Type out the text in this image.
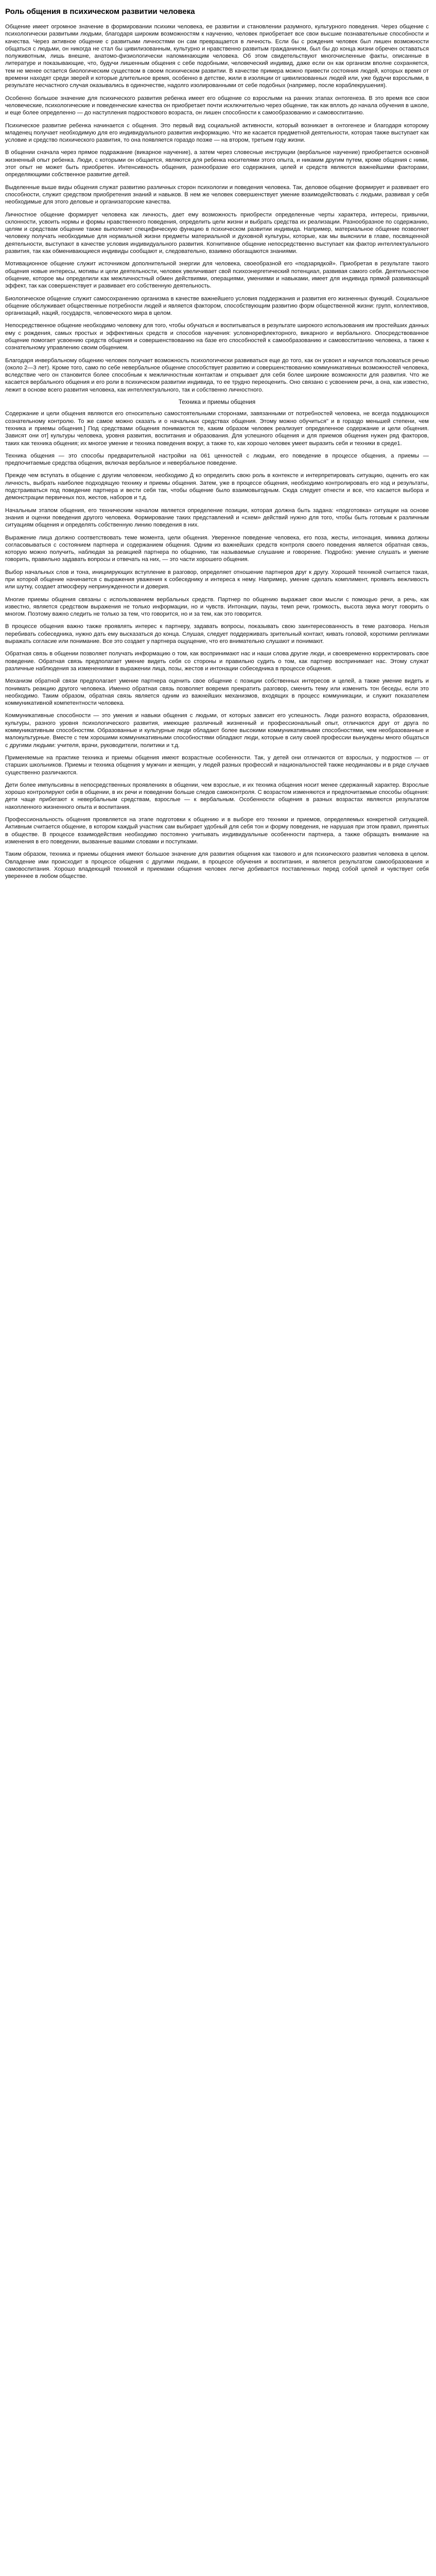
Роль общения в психическом развитии человека

Общение имеет огромное значение в формировании психики человека, ее развитии и становлении разумного, культурного поведения. Через общение с психологически развитыми людьми, благодаря широким возможностям к научению, человек приобретает все свои высшие познавательные способности и качества. Через активное общение с развитыми личностями он сам превращается в личность. Если бы с рождения человек был лишен возможности общаться с людьми, он никогда не стал бы цивилизованным, культурно и нравственно развитым гражданином, был бы до конца жизни обречен оставаться полуживотным, лишь внешне, анатомо-физиологически напоминающим человека. Об этом свидетельствуют многочисленные факты, описанные в литературе и показывающие, что, будучи лишенным общения с себе подобными, человеческий индивид, даже если он как организм вполне сохраняется, тем не менее остается биологическим существом в своем психическом развитии. В качестве примера можно привести состояния людей, которых время от времени находят среди зверей и которые длительное время, особенно в детстве, жили в изоляции от цивилизованных людей или, уже будучи взрослыми, в результате несчастного случая оказывались в одиночестве, надолго изолированными от себе подобных (например, после кораблекрушения).

Особенно большое значение для психического развития ребенка имеет его общение со взрослыми на ранних этапах онтогенеза. В это время все свои человеческие, психологические и поведенческие качества он приобретает почти исключительно через общение, так как вплоть до начала обучения в школе, и еще более определенно — до наступления подросткового возраста, он лишен способности к самообразованию и самовоспитанию.

Психическое развитие ребенка начинается с общения. Это первый вид социальной активности, который возникает в онтогенезе и благодаря которому младенец получает необходимую для его индивидуального развития информацию. Что же касается предметной деятельности, которая также выступает как условие и средство психического развития, то она появляется гораздо позже — на втором, третьем году жизни.

В общении сначала через прямое подражание (викарное научение), а затем через словесные инструкции (вербальное научение) приобретается основной жизненный опыт ребенка. Люди, с которыми он общается, являются для ребенка носителями этого опыта, и никаким другим путем, кроме общения с ними, этот опыт не может быть приобретен. Интенсивность общения, разнообразие его содержания, целей и средств являются важнейшими факторами, определяющими собственное развитие детей.

Выделенные выше виды общения служат развитию различных сторон психологии и поведения человека. Так, деловое общение формирует и развивает его способности, служит средством приобретения знаний и навыков. В нем же человек совершенствует умение взаимодействовать с людьми, развивая у себя необходимые для этого деловые и организаторские качества.

Личностное общение формирует человека как личность, дает ему возможность приобрести определенные черты характера, интересы, привычки, склонности, усвоить нормы и формы нравственного поведения, определить цели жизни и выбрать средства их реализации. Разнообразное по содержанию, целям и средствам общение также выполняет специфическую функцию в психическом развитии индивида. Например, материальное общение позволяет человеку получать необходимые для нормальной жизни предметы материальной и духовной культуры, которые, как мы выяснили в главе, посвященной деятельности, выступают в качестве условия индивидуального развития. Когнитивное общение непосредственно выступает как фактор интеллектуального развития, так как обменивающиеся индивиды сообщают и, следовательно, взаимно обогащаются знаниями.

Мотивационное общение служит источником дополнительной энергии для человека, своеобразной его «подзарядкой». Приобретая в результате такого общения новые интересы, мотивы и цели деятельности, человек увеличивает свой психоэнергетический потенциал, развивая самого себя. Деятельностное общение, которое мы определили как межличностный обмен действиями, операциями, умениями и навыками, имеет для индивида прямой развивающий эффект, так как совершенствует и развивает его собственную деятельность.

Биологическое общение служит самосохранению организма в качестве важнейшего условия поддержания и развития его жизненных функций. Социальное общение обслуживает общественные потребности людей и является фактором, способствующим развитию форм общественной жизни: групп, коллективов, организаций, наций, государств, человеческого мира в целом.

Непосредственное общение необходимо человеку для того, чтобы обучаться и воспитываться в результате широкого использования им простейших данных ему с рождения, самых простых и эффективных средств и способов научения: условнорефлекторного, викарного и вербального. Опосредствованное общение помогает усвоению средств общения и совершенствованию на базе его способностей к самообразованию и самовоспитанию человека, а также к сознательному управлению своим общением.

Благодаря инвербальному общению человек получает возможность психологически развиваться еще до того, как он усвоил и научился пользоваться речью (около 2—3 лет). Кроме того, само по себе невербальное общение способствует развитию и совершенствованию коммуникативных возможностей человека, вследствие чего он становится более способным к межличностным контактам и открывает для себя более широкие возможности для развития. Что же касается вербального общения и его роли в психическом развитии индивида, то ее трудно переоценить. Оно связано с усвоением речи, а она, как известно, лежит в основе всего развития человека, как интеллектуального, так и собственно личностного.

Техника и приемы общения

Содержание и цели общения являются его относительно самостоятельными сторонами, завязанными от потребностей человека, не всегда поддающихся сознательному контролю. То же самое можно сказать и о начальных средствах общения. Этому можно обучиться" и в гораздо меньшей степени, чем техника и приемы общения.] Под средствами общения понимаются те, каким образом человек реализует определенное содержание и цели общения. Зависят они от] культуры человека, уровня развития, воспитания и образования. Для успешного общения и для приемов общения нужен ряд факторов, таких как техника общения; их многое умение и техника поведения вокруг, а также то, как хорошо человек умеет выразить себя и техники в среде1.

Техника общения — это способы предварительной настройки на 061 ценностей с людьми, его поведение в процессе общения, а приемы — предпочитаемые средства общения, включая вербальное и невербальное поведение.

Прежде чем вступать в общение с другим человеком, необходимо Д ко определить свою роль в контексте и интерпретировать ситуацию, оценить его как личность, выбрать наиболее подходящую технику и приемы общения. Затем, уже в процессе общения, необходимо контролировать его ход и результаты, подстраиваться под поведение партнера и вести себя так, чтобы общение было взаимовыгодным. Сюда следует отнести и все, что касается выбора и демонстрации первичных поз, жестов, наборов и т.д.

Начальным этапом общения, его техническим началом является определение позиции, которая должна быть задана: «подготовка» ситуации на основе знания и оценки поведения другого человека. Формирование таких представлений и «схем» действий нужно для того, чтобы быть готовым к различным ситуациям общения и определять собственную линию поведения в них.

Выражение лица должно соответствовать теме момента, цели общения. Уверенное поведение человека, его поза, жесты, интонация, мимика должны согласовываться с состоянием партнера и содержанием общения. Одним из важнейших средств контроля своего поведения является обратная связь, которую можно получить, наблюдая за реакцией партнера по общению, так называемые слушание и говорение. Подробно: умение слушать и умение говорить, правильно задавать вопросы и отвечать на них, — это части хорошего общения.

Выбор начальных слов и тона, инициирующих вступление в разговор, определяет отношение партнеров друг к другу. Хорошей техникой считается такая, при которой общение начинается с выражения уважения к собеседнику и интереса к нему. Например, умение сделать комплимент, проявить вежливость или шутку, создает атмосферу непринужденности и доверия.

Многие приемы общения связаны с использованием вербальных средств. Партнер по общению выражает свои мысли с помощью речи, а речь, как известно, является средством выражения не только информации, но и чувств. Интонации, паузы, темп речи, громкость, высота звука могут говорить о многом. Поэтому важно следить не только за тем, что говорится, но и за тем, как это говорится.

В процессе общения важно также проявлять интерес к партнеру, задавать вопросы, показывать свою заинтересованность в теме разговора. Нельзя перебивать собеседника, нужно дать ему высказаться до конца. Слушая, следует поддерживать зрительный контакт, кивать головой, короткими репликами выражать согласие или понимание. Все это создает у партнера ощущение, что его внимательно слушают и понимают.

Обратная связь в общении позволяет получать информацию о том, как воспринимают нас и наши слова другие люди, и своевременно корректировать свое поведение. Обратная связь предполагает умение видеть себя со стороны и правильно судить о том, как партнер воспринимает нас. Этому служат различные наблюдения за изменениями в выражении лица, позы, жестов и интонации собеседника в процессе общения.

Механизм обратной связи предполагает умение партнера оценить свое общение с позиции собственных интересов и целей, а также умение видеть и понимать реакцию другого человека. Именно обратная связь позволяет вовремя прекратить разговор, сменить тему или изменить тон беседы, если это необходимо. Таким образом, обратная связь является одним из важнейших механизмов, входящих в процесс коммуникации, и служит показателем коммуникативной компетентности человека.

Коммуникативные способности — это умения и навыки общения с людьми, от которых зависит его успешность. Люди разного возраста, образования, культуры, разного уровня психологического развития, имеющие различный жизненный и профессиональный опыт, отличаются друг от друга по коммуникативным способностям. Образованные и культурные люди обладают более высокими коммуникативными способностями, чем необразованные и малокультурные. Вместе с тем хорошими коммуникативными способностями обладают люди, которые в силу своей профессии вынуждены много общаться с другими людьми: учителя, врачи, руководители, политики и т.д.

Применяемые на практике техника и приемы общения имеют возрастные особенности. Так, у детей они отличаются от взрослых, у подростков — от старших школьников. Приемы и техника общения у мужчин и женщин, у людей разных профессий и национальностей также неодинаковы и в ряде случаев существенно различаются.

Дети более импульсивны в непосредственных проявлениях в общении, чем взрослые, и их техника общения носит менее сдержанный характер. Взрослые хорошо контролируют себя в общении, в их речи и поведении больше следов самоконтроля. С возрастом изменяются и предпочитаемые способы общения: дети чаще прибегают к невербальным средствам, взрослые — к вербальным. Особенности общения в разных возрастах являются результатом накопленного жизненного опыта и воспитания.

Профессиональность общения проявляется на этапе подготовки к общению и в выборе его техники и приемов, определяемых конкретной ситуацией. Активным считается общение, в котором каждый участник сам выбирает удобный для себя тон и форму поведения, не нарушая при этом правил, принятых в обществе. В процессе взаимодействия необходимо постоянно учитывать индивидуальные особенности партнера, а также обращать внимание на изменения в его поведении, вызванные вашими словами и поступками.

Таким образом, техника и приемы общения имеют большое значение для развития общения как такового и для психического развития человека в целом. Овладение ими происходит в процессе общения с другими людьми, в процессе обучения и воспитания, и является результатом самообразования и самовоспитания. Хорошо владеющий техникой и приемами общения человек легче добивается поставленных перед собой целей и чувствует себя увереннее в любом обществе.
